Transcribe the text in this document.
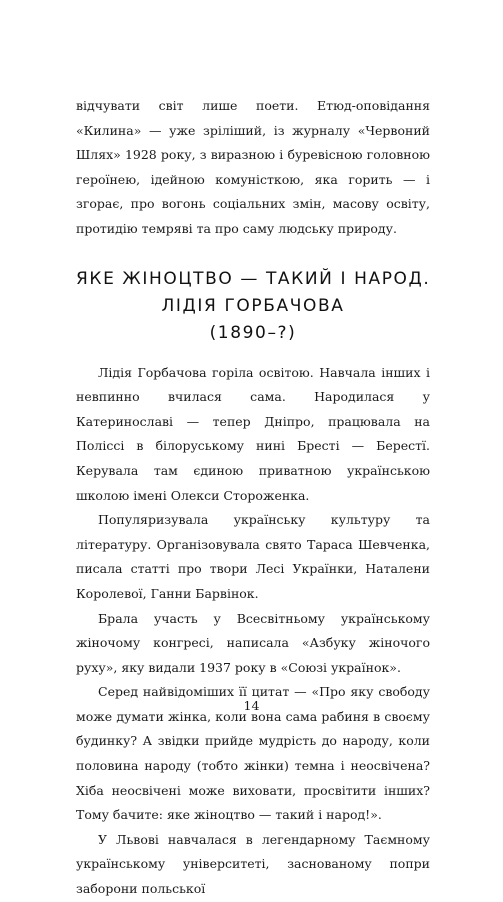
відчувати світ лише поети. Етюд-оповідання «Килина» — уже зріліший, із журналу «Червоний Шлях» 1928 року, з виразною і буревісною головною героїнею, ідейною комуністкою, яка горить — і згорає, про вогонь соціальних змін, масову освіту, протидію темряві та про саму людську природу.

ЯКЕ ЖІНОЦТВО — ТАКИЙ І НАРОД.
ЛІДІЯ ГОРБАЧОВА
(1890–?)

Лідія Горбачова горіла освітою. Навчала інших і невпинно вчилася сама. Народилася у Катеринославі — тепер Дніпро, працювала на Поліссі в білоруському нині Бресті — Берестї. Керувала там єдиною приватною українською школою імені Олекси Стороженка.

Популяризувала українську культуру та літературу. Організовувала свято Тараса Шевченка, писала статті про твори Лесі Українки, Наталени Королевої, Ганни Барвінок.

Брала участь у Всесвітньому українському жіночому конгресі, написала «Азбуку жіночого руху», яку видали 1937 року в «Союзі українок».

Серед найвідоміших її цитат — «Про яку свободу може думати жінка, коли вона сама рабиня в своєму будинку? А звідки прийде мудрість до народу, коли половина народу (тобто жінки) темна і неосвічена? Хіба неосвічені може виховати, просвітити інших? Тому бачите: яке жіноцтво — такий і народ!».

У Львові навчалася в легендарному Таємному українському університеті, заснованому попри заборони польської

14
